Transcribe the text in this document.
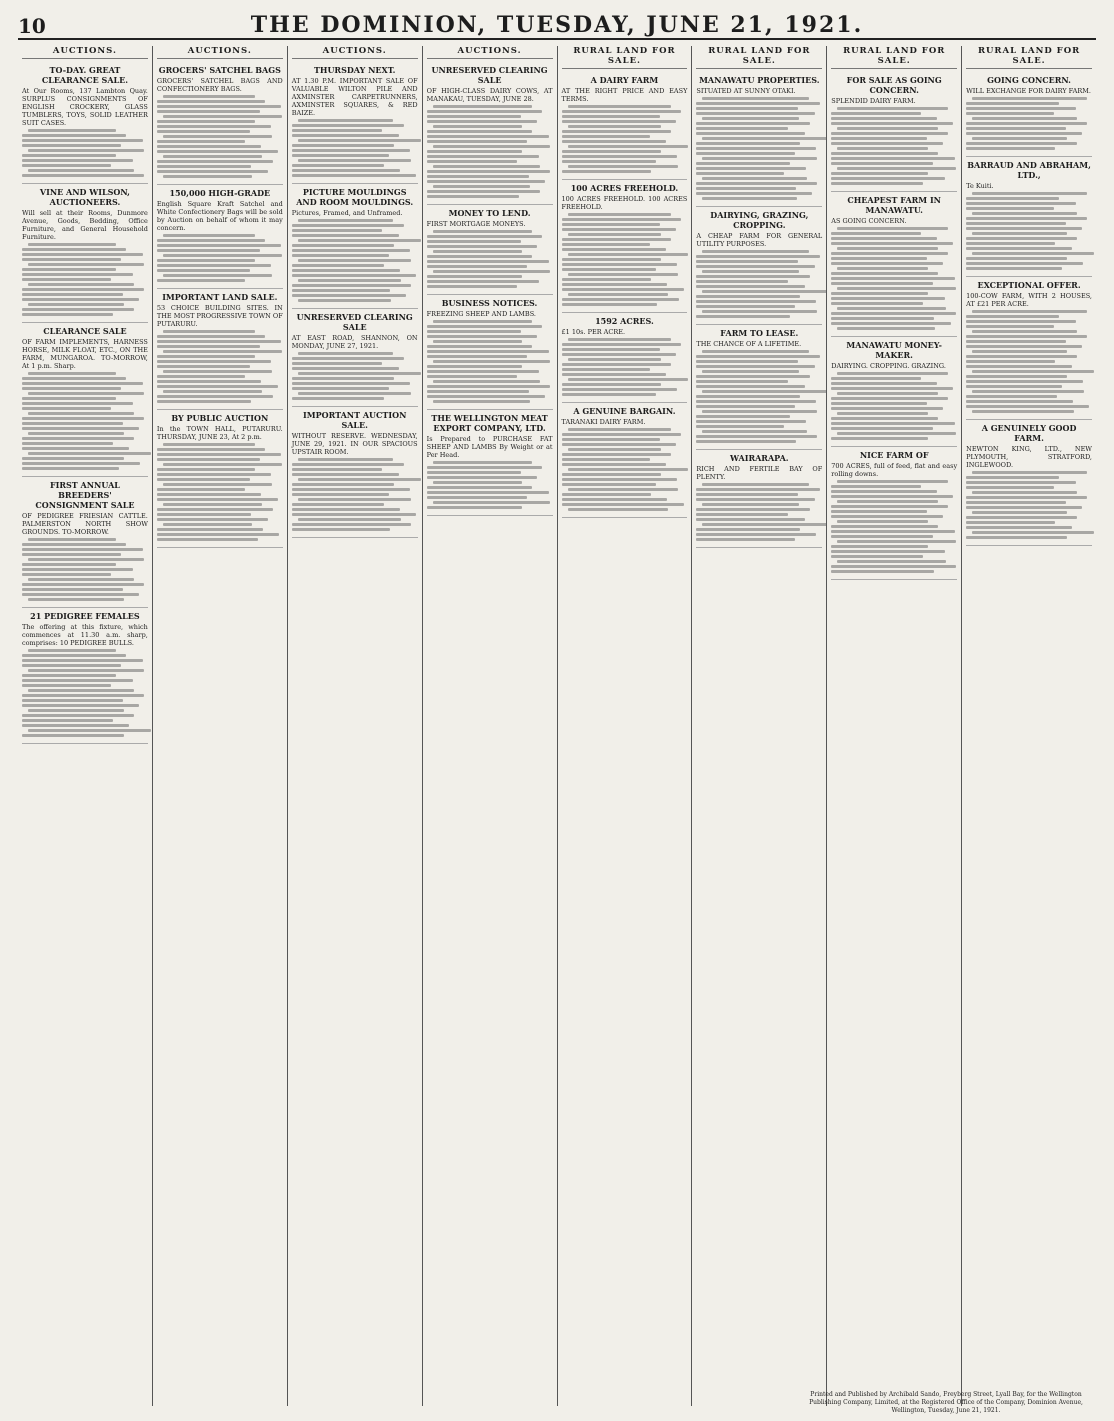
10	THE DOMINION, TUESDAY, JUNE 21, 1921.
AUCTIONS.
TO-DAY. GREAT CLEARANCE SALE.
At Our Rooms, 137 Lambton Quay. SURPLUS CONSIGNMENTS OF ENGLISH CROCKERY, GLASS TUMBLERS, TOYS, SOLID LEATHER SUIT CASES.
VINE AND WILSON, AUCTIONEERS.
Will sell at their Rooms, Dunmore Avenue, Goods, Bedding, Office Furniture, and General Household Furniture.
CLEARANCE SALE
OF FARM IMPLEMENTS, HARNESS HORSE, MILK FLOAT, ETC., ON THE FARM, MUNGAROA. TO-MORROW, At 1 p.m. Sharp.
FIRST ANNUAL BREEDERS' CONSIGNMENT SALE
OF PEDIGREE FRIESIAN CATTLE. PALMERSTON NORTH SHOW GROUNDS. TO-MORROW.
21 PEDIGREE FEMALES
The offering at this fixture, which commences at 11.30 a.m. sharp, comprises: 10 PEDIGREE BULLS.
AUCTIONS.
GROCERS' SATCHEL BAGS
GROCERS' SATCHEL BAGS AND CONFECTIONERY BAGS.
150,000 HIGH-GRADE
English Square Kraft Satchel and White Confectionery Bags will be sold by Auction on behalf of whom it may concern.
IMPORTANT LAND SALE.
53 CHOICE BUILDING SITES. IN THE MOST PROGRESSIVE TOWN OF PUTARURU.
BY PUBLIC AUCTION
In the TOWN HALL, PUTARURU. THURSDAY, JUNE 23, At 2 p.m.
AUCTIONS.
THURSDAY NEXT.
AT 1.30 P.M. IMPORTANT SALE OF VALUABLE WILTON PILE AND AXMINSTER CARPETRUNNERS, AXMINSTER SQUARES, & RED BAIZE.
PICTURE MOULDINGS AND ROOM MOULDINGS.
Pictures, Framed, and Unframed.
UNRESERVED CLEARING SALE
AT EAST ROAD, SHANNON, ON MONDAY, JUNE 27, 1921.
IMPORTANT AUCTION SALE.
WITHOUT RESERVE. WEDNESDAY, JUNE 29, 1921. IN OUR SPACIOUS UPSTAIR ROOM.
AUCTIONS.
UNRESERVED CLEARING SALE
OF HIGH-CLASS DAIRY COWS, AT MANAKAU, TUESDAY, JUNE 28.
MONEY TO LEND.
FIRST MORTGAGE MONEYS.
BUSINESS NOTICES.
FREEZING SHEEP AND LAMBS.
THE WELLINGTON MEAT EXPORT COMPANY, LTD.
Is Prepared to PURCHASE FAT SHEEP AND LAMBS By Weight or at Per Head.
RURAL LAND FOR SALE.
A DAIRY FARM
AT THE RIGHT PRICE AND EASY TERMS.
100 ACRES FREEHOLD.
100 ACRES FREEHOLD. 100 ACRES FREEHOLD.
1592 ACRES.
£1 10s. PER ACRE.
A GENUINE BARGAIN.
TARANAKI DAIRY FARM.
RURAL LAND FOR SALE.
MANAWATU PROPERTIES.
SITUATED AT SUNNY OTAKI.
DAIRYING, GRAZING, CROPPING.
A CHEAP FARM FOR GENERAL UTILITY PURPOSES.
FARM TO LEASE.
THE CHANCE OF A LIFETIME.
WAIRARAPA.
RICH AND FERTILE BAY OF PLENTY.
RURAL LAND FOR SALE.
FOR SALE AS GOING CONCERN.
SPLENDID DAIRY FARM.
CHEAPEST FARM IN MANAWATU.
AS GOING CONCERN.
MANAWATU MONEY-MAKER.
DAIRYING. CROPPING. GRAZING.
NICE FARM OF
700 ACRES, full of feed, flat and easy rolling downs.
RURAL LAND FOR SALE.
GOING CONCERN.
WILL EXCHANGE FOR DAIRY FARM.
BARRAUD AND ABRAHAM, LTD.,
Te Kuiti.
EXCEPTIONAL OFFER.
100-COW FARM, WITH 2 HOUSES, AT £21 PER ACRE.
A GENUINELY GOOD FARM.
NEWTON KING, LTD., NEW PLYMOUTH, STRATFORD, INGLEWOOD.
Printed and Published by Archibald Sando, Freyberg Street, Lyall Bay, for the Wellington Publishing Company, Limited, at the Registered Office of the Company, Dominion Avenue, Wellington, Tuesday, June 21, 1921.
